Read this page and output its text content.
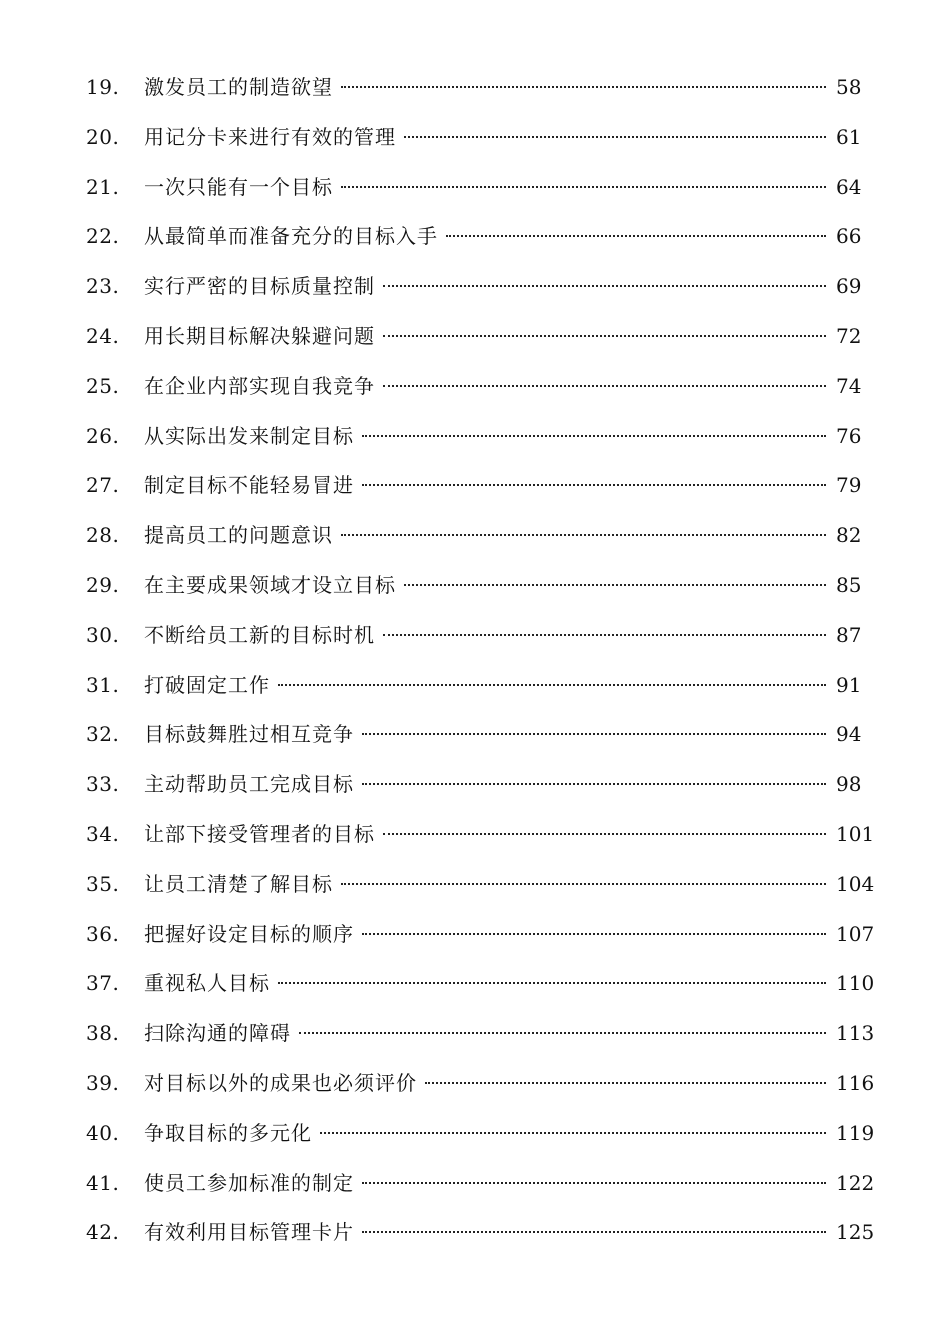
19. 激发员工的制造欲望	58
20. 用记分卡来进行有效的管理	61
21. 一次只能有一个目标	64
22. 从最简单而准备充分的目标入手	66
23. 实行严密的目标质量控制	69
24. 用长期目标解决躲避问题	72
25. 在企业内部实现自我竞争	74
26. 从实际出发来制定目标	76
27. 制定目标不能轻易冒进	79
28. 提高员工的问题意识	82
29. 在主要成果领域才设立目标	85
30. 不断给员工新的目标时机	87
31. 打破固定工作	91
32. 目标鼓舞胜过相互竞争	94
33. 主动帮助员工完成目标	98
34. 让部下接受管理者的目标	101
35. 让员工清楚了解目标	104
36. 把握好设定目标的顺序	107
37. 重视私人目标	110
38. 扫除沟通的障碍	113
39. 对目标以外的成果也必须评价	116
40. 争取目标的多元化	119
41. 使员工参加标准的制定	122
42. 有效利用目标管理卡片	125
